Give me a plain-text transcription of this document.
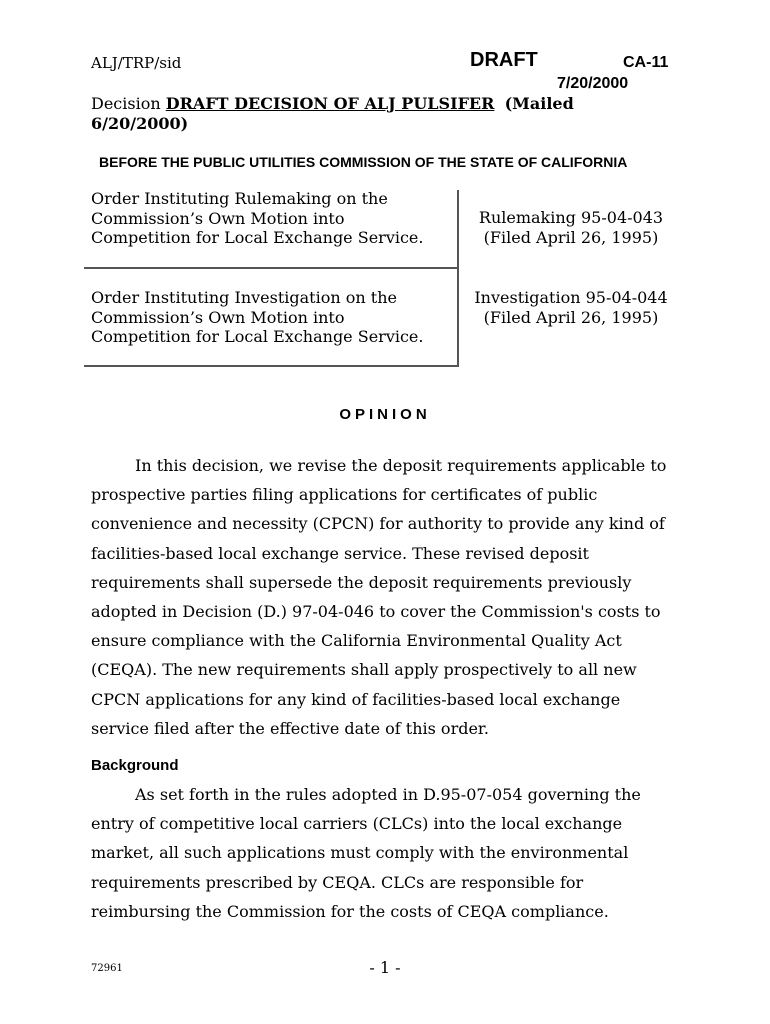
ALJ/TRP/sid	DRAFT	CA-11
7/20/2000
Decision DRAFT DECISION OF ALJ PULSIFER (Mailed 6/20/2000)
BEFORE THE PUBLIC UTILITIES COMMISSION OF THE STATE OF CALIFORNIA
Order Instituting Rulemaking on the
Commission’s Own Motion into
Competition for Local Exchange Service.
Rulemaking 95-04-043
(Filed April 26, 1995)
Order Instituting Investigation on the
Commission’s Own Motion into
Competition for Local Exchange Service.
Investigation 95-04-044
(Filed April 26, 1995)
OPINION
In this decision, we revise the deposit requirements applicable to
prospective parties filing applications for certificates of public
convenience and necessity (CPCN) for authority to provide any kind of
facilities-based local exchange service. These revised deposit
requirements shall supersede the deposit requirements previously
adopted in Decision (D.) 97-04-046 to cover the Commission's costs to
ensure compliance with the California Environmental Quality Act
(CEQA). The new requirements shall apply prospectively to all new
CPCN applications for any kind of facilities-based local exchange
service filed after the effective date of this order.
Background
As set forth in the rules adopted in D.95-07-054 governing the
entry of competitive local carriers (CLCs) into the local exchange
market, all such applications must comply with the environmental
requirements prescribed by CEQA. CLCs are responsible for
reimbursing the Commission for the costs of CEQA compliance.
72961	- 1 -
